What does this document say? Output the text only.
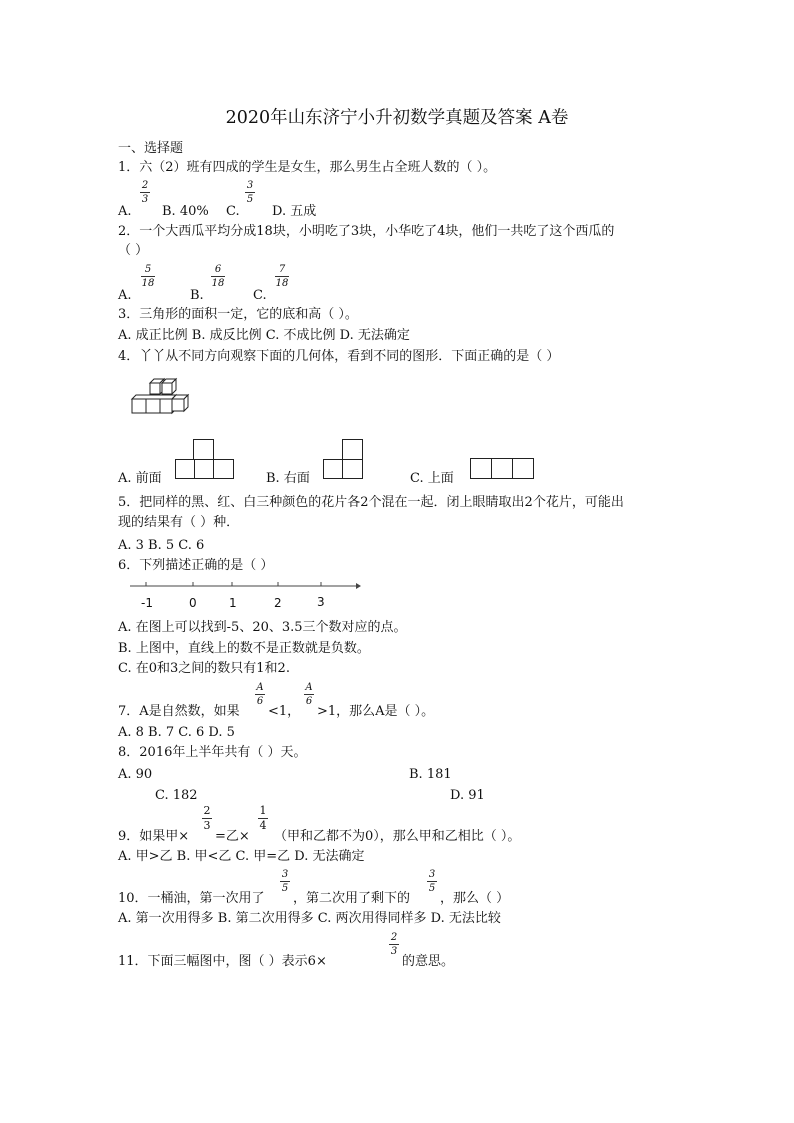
2020年山东济宁小升初数学真题及答案 A卷
一、选择题
1．六（2）班有四成的学生是女生，那么男生占全班人数的（ ）。
2
3
3
5
A. B. 40% C. D. 五成
2．一个大西瓜平均分成18块，小明吃了3块，小华吃了4块，他们一共吃了这个西瓜的
（ ）
5
18
6
18
7
18
A.	B.	C.
3．三角形的面积一定，它的底和高（ ）。
A. 成正比例 B. 成反比例 C. 不成比例 D. 无法确定
4．丫丫从不同方向观察下面的几何体，看到不同的图形．下面正确的是（ ）
A. 前面	B. 右面	C. 上面
5．把同样的黑、红、白三种颜色的花片各2个混在一起．闭上眼睛取出2个花片，可能出
现的结果有（ ）种．
A. 3 B. 5 C. 6
6．下列描述正确的是（ ）
-1	0	1	2	3
A. 在图上可以找到-5、20、3.5三个数对应的点。
B. 上图中，直线上的数不是正数就是负数。
C. 在0和3之间的数只有1和2.
A
6
A
6
7．A是自然数，如果 <1， >1，那么A是（ ）。
A. 8 B. 7 C. 6 D. 5
8．2016年上半年共有（ ）天。
A. 90	B. 181
C. 182	D. 91
2
3
1
4
9．如果甲× =乙× （甲和乙都不为0），那么甲和乙相比（ ）。
A. 甲>乙 B. 甲<乙 C. 甲=乙 D. 无法确定
3
5
3
5
10．一桶油，第一次用了 ，第二次用了剩下的 ，那么（ ）
A. 第一次用得多 B. 第二次用得多 C. 两次用得同样多 D. 无法比较
2
3
11．下面三幅图中，图（ ）表示6×	的意思。
